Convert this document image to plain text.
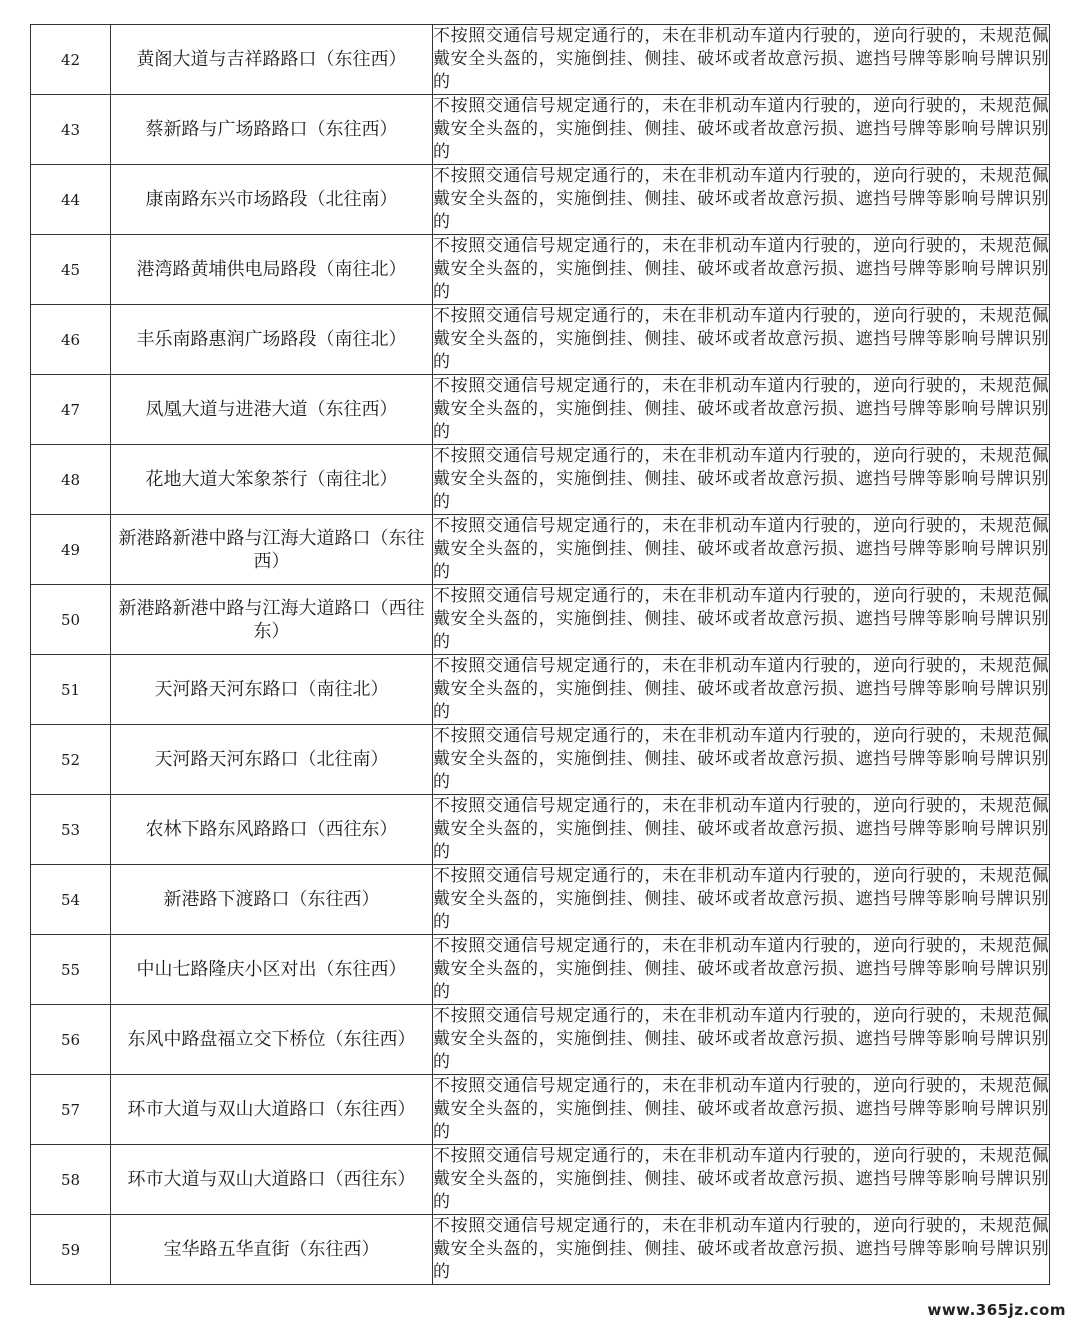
42	黄阁大道与吉祥路路口（东往西）	不按照交通信号规定通行的，未在非机动车道内行驶的，逆向行驶的，未规范佩戴安全头盔的，实施倒挂、侧挂、破坏或者故意污损、遮挡号牌等影响号牌识别的
43	蔡新路与广场路路口（东往西）	不按照交通信号规定通行的，未在非机动车道内行驶的，逆向行驶的，未规范佩戴安全头盔的，实施倒挂、侧挂、破坏或者故意污损、遮挡号牌等影响号牌识别的
44	康南路东兴市场路段（北往南）	不按照交通信号规定通行的，未在非机动车道内行驶的，逆向行驶的，未规范佩戴安全头盔的，实施倒挂、侧挂、破坏或者故意污损、遮挡号牌等影响号牌识别的
45	港湾路黄埔供电局路段（南往北）	不按照交通信号规定通行的，未在非机动车道内行驶的，逆向行驶的，未规范佩戴安全头盔的，实施倒挂、侧挂、破坏或者故意污损、遮挡号牌等影响号牌识别的
46	丰乐南路惠润广场路段（南往北）	不按照交通信号规定通行的，未在非机动车道内行驶的，逆向行驶的，未规范佩戴安全头盔的，实施倒挂、侧挂、破坏或者故意污损、遮挡号牌等影响号牌识别的
47	凤凰大道与进港大道（东往西）	不按照交通信号规定通行的，未在非机动车道内行驶的，逆向行驶的，未规范佩戴安全头盔的，实施倒挂、侧挂、破坏或者故意污损、遮挡号牌等影响号牌识别的
48	花地大道大笨象茶行（南往北）	不按照交通信号规定通行的，未在非机动车道内行驶的，逆向行驶的，未规范佩戴安全头盔的，实施倒挂、侧挂、破坏或者故意污损、遮挡号牌等影响号牌识别的
49	新港路新港中路与江海大道路口（东往西）	不按照交通信号规定通行的，未在非机动车道内行驶的，逆向行驶的，未规范佩戴安全头盔的，实施倒挂、侧挂、破坏或者故意污损、遮挡号牌等影响号牌识别的
50	新港路新港中路与江海大道路口（西往东）	不按照交通信号规定通行的，未在非机动车道内行驶的，逆向行驶的，未规范佩戴安全头盔的，实施倒挂、侧挂、破坏或者故意污损、遮挡号牌等影响号牌识别的
51	天河路天河东路口（南往北）	不按照交通信号规定通行的，未在非机动车道内行驶的，逆向行驶的，未规范佩戴安全头盔的，实施倒挂、侧挂、破坏或者故意污损、遮挡号牌等影响号牌识别的
52	天河路天河东路口（北往南）	不按照交通信号规定通行的，未在非机动车道内行驶的，逆向行驶的，未规范佩戴安全头盔的，实施倒挂、侧挂、破坏或者故意污损、遮挡号牌等影响号牌识别的
53	农林下路东风路路口（西往东）	不按照交通信号规定通行的，未在非机动车道内行驶的，逆向行驶的，未规范佩戴安全头盔的，实施倒挂、侧挂、破坏或者故意污损、遮挡号牌等影响号牌识别的
54	新港路下渡路口（东往西）	不按照交通信号规定通行的，未在非机动车道内行驶的，逆向行驶的，未规范佩戴安全头盔的，实施倒挂、侧挂、破坏或者故意污损、遮挡号牌等影响号牌识别的
55	中山七路隆庆小区对出（东往西）	不按照交通信号规定通行的，未在非机动车道内行驶的，逆向行驶的，未规范佩戴安全头盔的，实施倒挂、侧挂、破坏或者故意污损、遮挡号牌等影响号牌识别的
56	东风中路盘福立交下桥位（东往西）	不按照交通信号规定通行的，未在非机动车道内行驶的，逆向行驶的，未规范佩戴安全头盔的，实施倒挂、侧挂、破坏或者故意污损、遮挡号牌等影响号牌识别的
57	环市大道与双山大道路口（东往西）	不按照交通信号规定通行的，未在非机动车道内行驶的，逆向行驶的，未规范佩戴安全头盔的，实施倒挂、侧挂、破坏或者故意污损、遮挡号牌等影响号牌识别的
58	环市大道与双山大道路口（西往东）	不按照交通信号规定通行的，未在非机动车道内行驶的，逆向行驶的，未规范佩戴安全头盔的，实施倒挂、侧挂、破坏或者故意污损、遮挡号牌等影响号牌识别的
59	宝华路五华直街（东往西）	不按照交通信号规定通行的，未在非机动车道内行驶的，逆向行驶的，未规范佩戴安全头盔的，实施倒挂、侧挂、破坏或者故意污损、遮挡号牌等影响号牌识别的
www.365jz.com
